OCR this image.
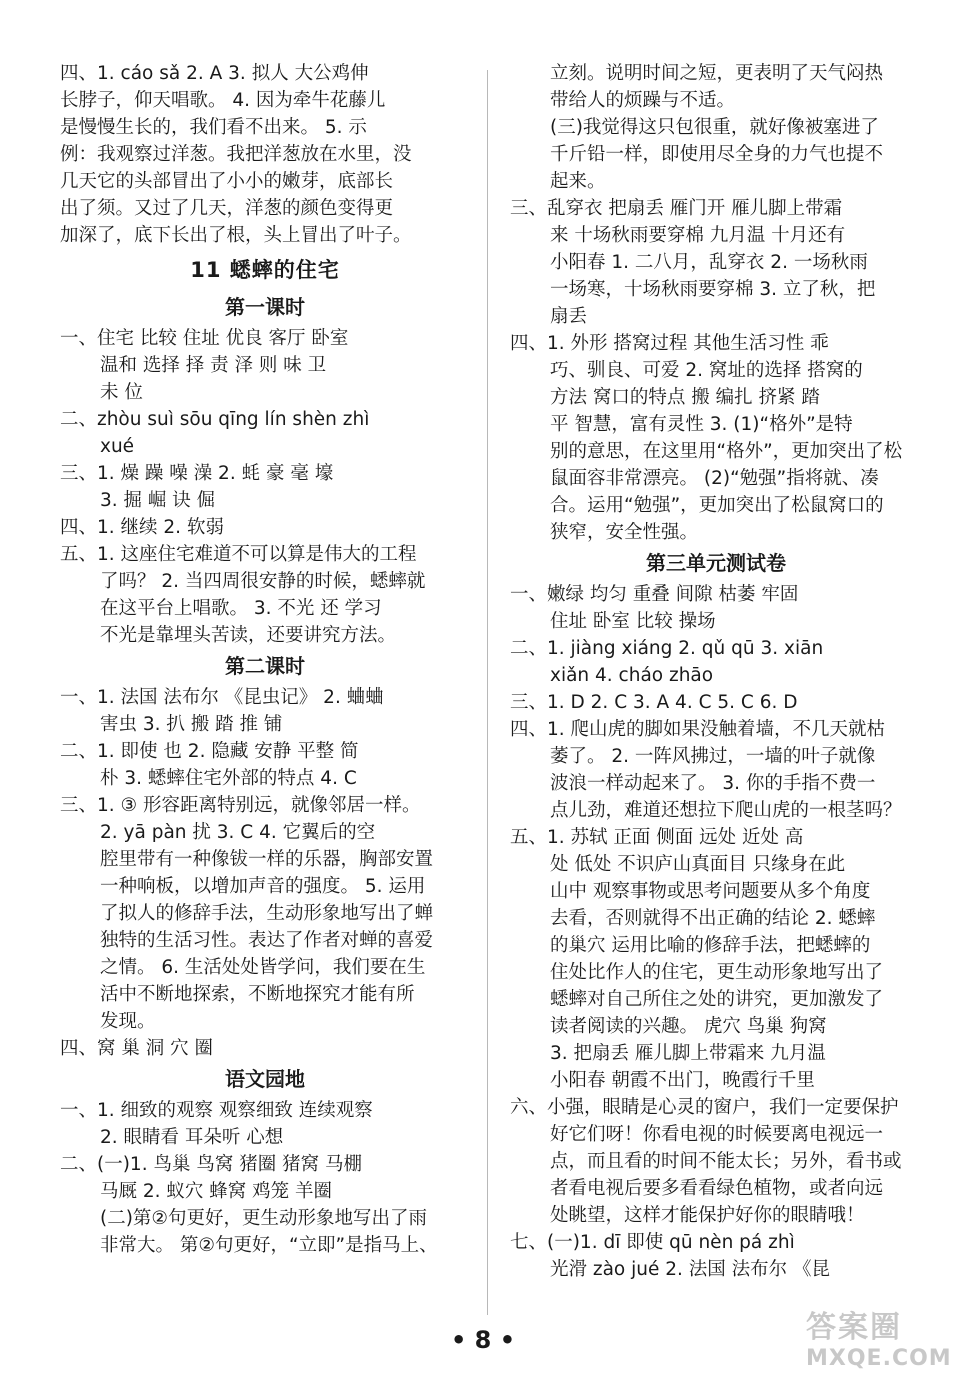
四、1. cáo sǎ 2. A 3. 拟人 大公鸡伸
长脖子，仰天唱歌。 4. 因为牵牛花藤儿
是慢慢生长的，我们看不出来。 5. 示
例：我观察过洋葱。我把洋葱放在水里，没
几天它的头部冒出了小小的嫩芽，底部长
出了须。又过了几天，洋葱的颜色变得更
加深了，底下长出了根，头上冒出了叶子。
11 蟋蟀的住宅
第一课时
一、住宅 比较 住址 优良 客厅 卧室
温和 选择 择 责 泽 则 味 卫
未 位
二、zhòu suì sōu qīng lín shèn zhì
xué
三、1. 燥 躁 噪 澡 2. 蚝 豪 毫 壕
3. 掘 崛 诀 倔
四、1. 继续 2. 软弱
五、1. 这座住宅难道不可以算是伟大的工程
了吗？ 2. 当四周很安静的时候，蟋蟀就
在这平台上唱歌。 3. 不光 还 学习
不光是靠埋头苦读，还要讲究方法。
第二课时
一、1. 法国 法布尔 《昆虫记》 2. 蛐蛐
害虫 3. 扒 搬 踏 推 铺
二、1. 即使 也 2. 隐藏 安静 平整 简
朴 3. 蟋蟀住宅外部的特点 4. C
三、1. ③ 形容距离特别远，就像邻居一样。
2. yā pàn 扰 3. C 4. 它翼后的空
腔里带有一种像钹一样的乐器，胸部安置
一种响板，以增加声音的强度。 5. 运用
了拟人的修辞手法，生动形象地写出了蝉
独特的生活习性。表达了作者对蝉的喜爱
之情。 6. 生活处处皆学问，我们要在生
活中不断地探索，不断地探究才能有所
发现。
四、窝 巢 洞 穴 圈
语文园地
一、1. 细致的观察 观察细致 连续观察
2. 眼睛看 耳朵听 心想
二、(一)1. 鸟巢 鸟窝 猪圈 猪窝 马棚
马厩 2. 蚁穴 蜂窝 鸡笼 羊圈
(二)第②句更好，更生动形象地写出了雨
非常大。 第②句更好，“立即”是指马上、
立刻。说明时间之短，更表明了天气闷热
带给人的烦躁与不适。
(三)我觉得这只包很重，就好像被塞进了
千斤铅一样，即使用尽全身的力气也提不
起来。
三、乱穿衣 把扇丢 雁门开 雁儿脚上带霜
来 十场秋雨要穿棉 九月温 十月还有
小阳春 1. 二八月，乱穿衣 2. 一场秋雨
一场寒，十场秋雨要穿棉 3. 立了秋，把
扇丢
四、1. 外形 搭窝过程 其他生活习性 乖
巧、驯良、可爱 2. 窝址的选择 搭窝的
方法 窝口的特点 搬 编扎 挤紧 踏
平 智慧，富有灵性 3. (1)“格外”是特
别的意思，在这里用“格外”，更加突出了松
鼠面容非常漂亮。 (2)“勉强”指将就、凑
合。运用“勉强”，更加突出了松鼠窝口的
狭窄，安全性强。
第三单元测试卷
一、嫩绿 均匀 重叠 间隙 枯萎 牢固
住址 卧室 比较 操场
二、1. jiàng xiáng 2. qǔ qū 3. xiān
xiǎn 4. cháo zhāo
三、1. D 2. C 3. A 4. C 5. C 6. D
四、1. 爬山虎的脚如果没触着墙，不几天就枯
萎了。 2. 一阵风拂过，一墙的叶子就像
波浪一样动起来了。 3. 你的手指不费一
点儿劲，难道还想拉下爬山虎的一根茎吗？
五、1. 苏轼 正面 侧面 远处 近处 高
处 低处 不识庐山真面目 只缘身在此
山中 观察事物或思考问题要从多个角度
去看，否则就得不出正确的结论 2. 蟋蟀
的巢穴 运用比喻的修辞手法，把蟋蟀的
住处比作人的住宅，更生动形象地写出了
蟋蟀对自己所住之处的讲究，更加激发了
读者阅读的兴趣。 虎穴 鸟巢 狗窝
3. 把扇丢 雁儿脚上带霜来 九月温
小阳春 朝霞不出门，晚霞行千里
六、小强，眼睛是心灵的窗户，我们一定要保护
好它们呀！你看电视的时候要离电视远一
点，而且看的时间不能太长；另外，看书或
者看电视后要多看看绿色植物，或者向远
处眺望，这样才能保护好你的眼睛哦！
七、(一)1. dī 即使 qū nèn pá zhì
光滑 zào jué 2. 法国 法布尔 《昆
• 8 •	答案圈
MXQE.COM
